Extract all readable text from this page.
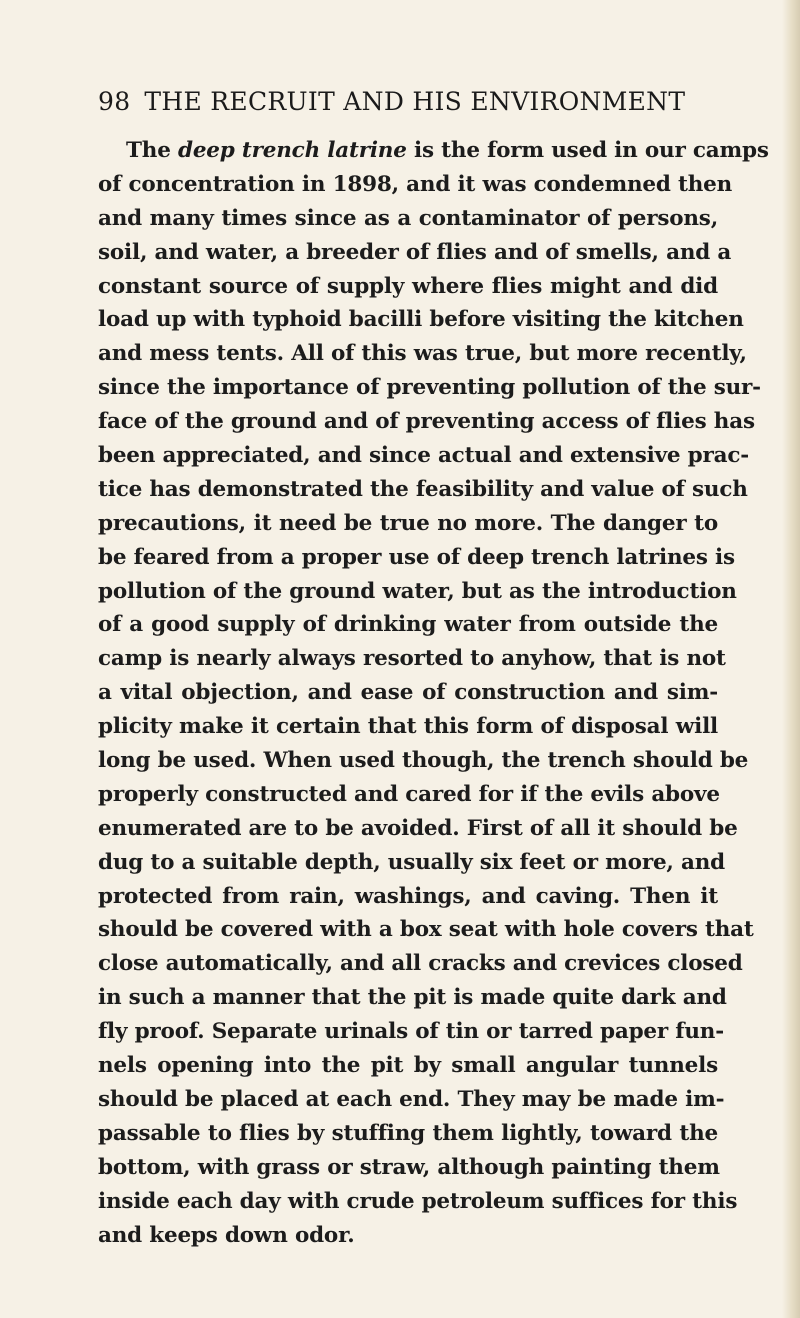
98 THE RECRUIT AND HIS ENVIRONMENT
The deep trench latrine is the form used in our camps
of concentration in 1898, and it was condemned then
and many times since as a contaminator of persons,
soil, and water, a breeder of flies and of smells, and a
constant source of supply where flies might and did
load up with typhoid bacilli before visiting the kitchen
and mess tents. All of this was true, but more recently,
since the importance of preventing pollution of the sur-
face of the ground and of preventing access of flies has
been appreciated, and since actual and extensive prac-
tice has demonstrated the feasibility and value of such
precautions, it need be true no more. The danger to
be feared from a proper use of deep trench latrines is
pollution of the ground water, but as the introduction
of a good supply of drinking water from outside the
camp is nearly always resorted to anyhow, that is not
a vital objection, and ease of construction and sim-
plicity make it certain that this form of disposal will
long be used. When used though, the trench should be
properly constructed and cared for if the evils above
enumerated are to be avoided. First of all it should be
dug to a suitable depth, usually six feet or more, and
protected from rain, washings, and caving. Then it
should be covered with a box seat with hole covers that
close automatically, and all cracks and crevices closed
in such a manner that the pit is made quite dark and
fly proof. Separate urinals of tin or tarred paper fun-
nels opening into the pit by small angular tunnels
should be placed at each end. They may be made im-
passable to flies by stuffing them lightly, toward the
bottom, with grass or straw, although painting them
inside each day with crude petroleum suffices for this
and keeps down odor.
